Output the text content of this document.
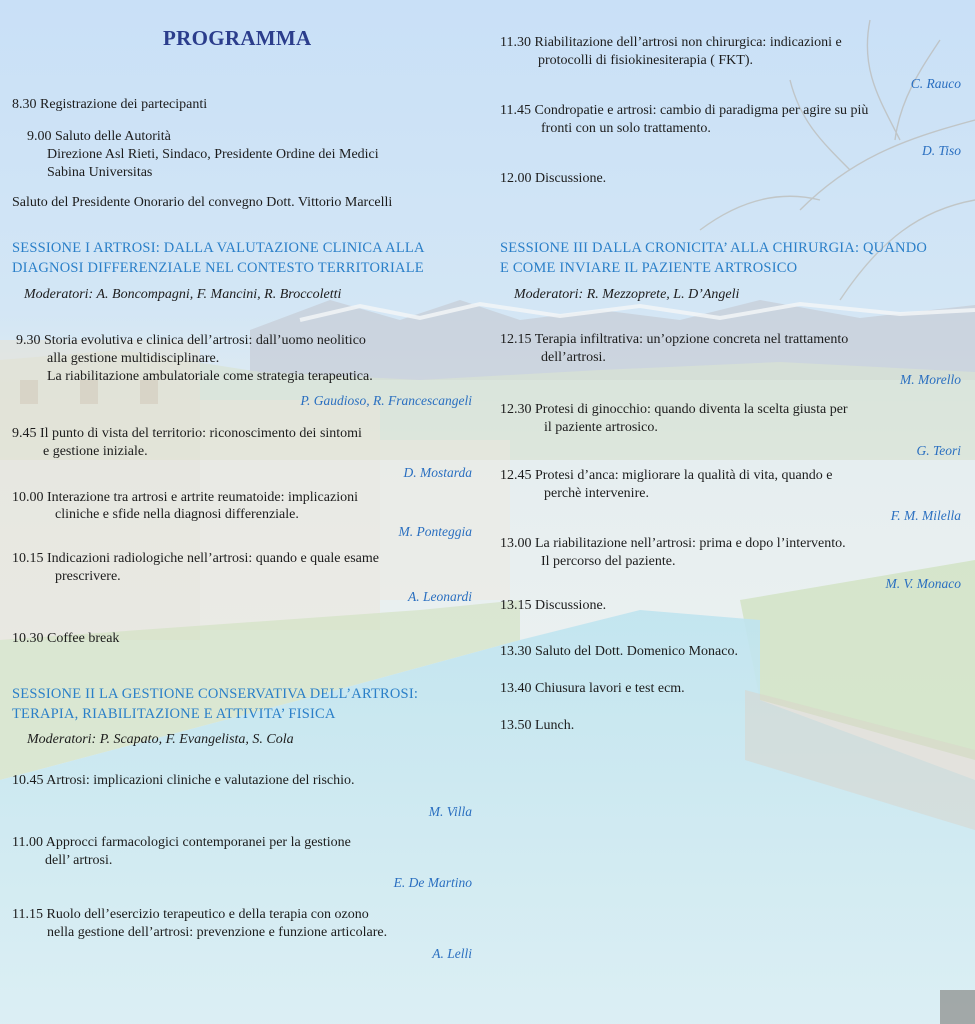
PROGRAMMA
8.30 Registrazione dei partecipanti
9.00 Saluto delle Autorità
Direzione Asl Rieti, Sindaco, Presidente Ordine dei Medici
Sabina Universitas
Saluto del Presidente Onorario del convegno Dott. Vittorio Marcelli
SESSIONE I ARTROSI: DALLA VALUTAZIONE CLINICA ALLA
DIAGNOSI DIFFERENZIALE NEL CONTESTO TERRITORIALE
Moderatori: A. Boncompagni, F. Mancini, R. Broccoletti
9.30 Storia evolutiva e clinica dell’artrosi: dall’uomo neolitico
alla gestione multidisciplinare.
La riabilitazione ambulatoriale come strategia terapeutica.
P. Gaudioso, R. Francescangeli
9.45 Il punto di vista del territorio: riconoscimento dei sintomi
e gestione iniziale.
D. Mostarda
10.00 Interazione tra artrosi e artrite reumatoide: implicazioni
cliniche e sfide nella diagnosi differenziale.
M. Ponteggia
10.15 Indicazioni radiologiche nell’artrosi: quando e quale esame
prescrivere.
A. Leonardi
10.30 Coffee break
SESSIONE II LA GESTIONE CONSERVATIVA DELL’ARTROSI:
TERAPIA, RIABILITAZIONE E ATTIVITA’ FISICA
Moderatori: P. Scapato, F. Evangelista, S. Cola
10.45 Artrosi: implicazioni cliniche e valutazione del rischio.
M. Villa
11.00 Approcci farmacologici contemporanei per la gestione
dell’ artrosi.
E. De Martino
11.15 Ruolo dell’esercizio terapeutico e della terapia con ozono
nella gestione dell’artrosi: prevenzione e funzione articolare.
A. Lelli
11.30 Riabilitazione dell’artrosi non chirurgica: indicazioni e
protocolli di fisiokinesiterapia ( FKT).
C. Rauco
11.45 Condropatie e artrosi: cambio di paradigma per agire su più
fronti con un solo trattamento.
D. Tiso
12.00 Discussione.
SESSIONE III DALLA CRONICITA’ ALLA CHIRURGIA: QUANDO
E COME INVIARE IL PAZIENTE ARTROSICO
Moderatori: R. Mezzoprete, L. D’Angeli
12.15 Terapia infiltrativa: un’opzione concreta nel trattamento
dell’artrosi.
M. Morello
12.30 Protesi di ginocchio: quando diventa la scelta giusta per
il paziente artrosico.
G. Teori
12.45 Protesi d’anca: migliorare la qualità di vita, quando e
perchè intervenire.
F. M. Milella
13.00 La riabilitazione nell’artrosi: prima e dopo l’intervento.
Il percorso del paziente.
M. V. Monaco
13.15 Discussione.
13.30 Saluto del Dott. Domenico Monaco.
13.40 Chiusura lavori e test ecm.
13.50 Lunch.
